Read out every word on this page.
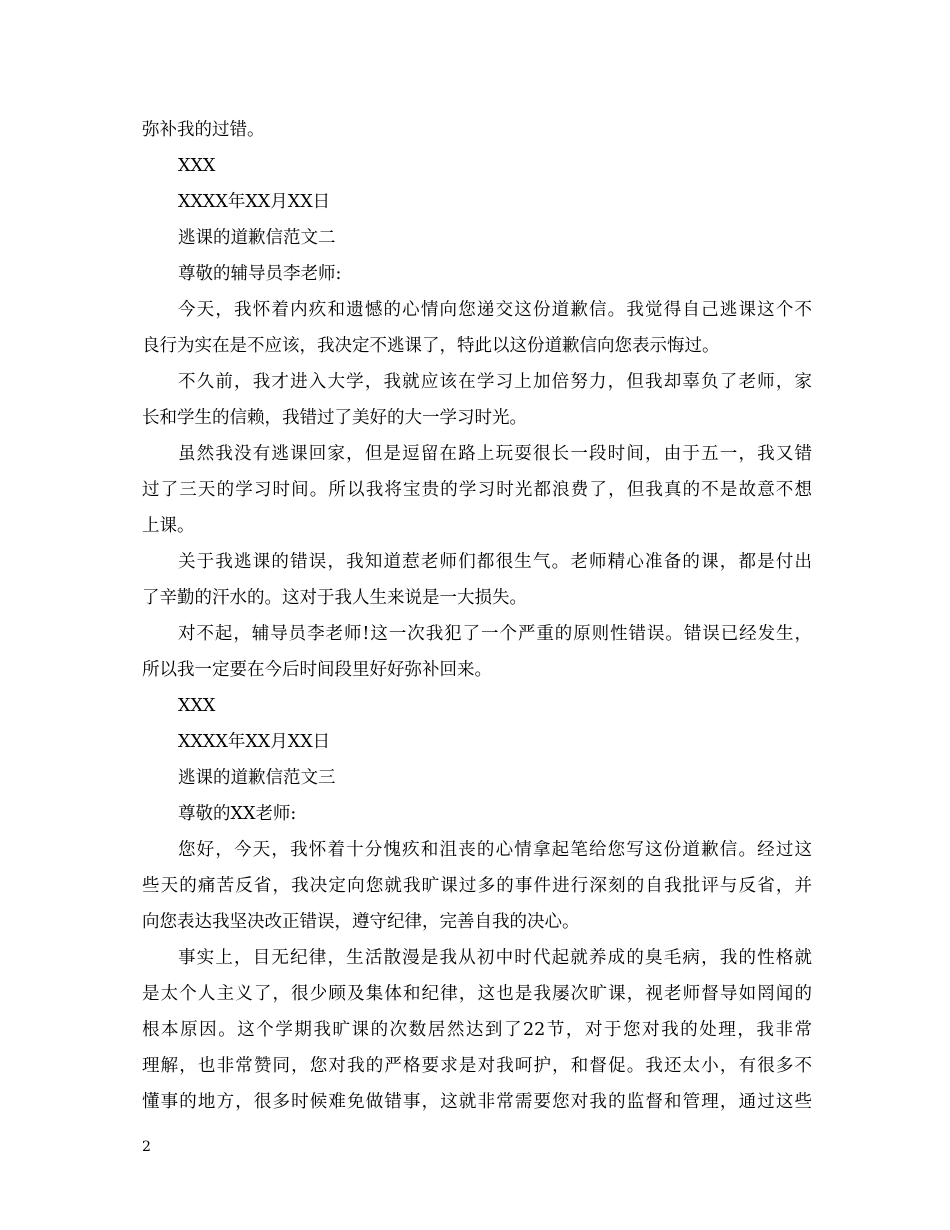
弥补我的过错。
XXX
XXXX年XX月XX日
逃课的道歉信范文二
尊敬的辅导员李老师:
今天，我怀着内疚和遗憾的心情向您递交这份道歉信。我觉得自己逃课这个不
良行为实在是不应该，我决定不逃课了，特此以这份道歉信向您表示悔过。
不久前，我才进入大学，我就应该在学习上加倍努力，但我却辜负了老师，家
长和学生的信赖，我错过了美好的大一学习时光。
虽然我没有逃课回家，但是逗留在路上玩耍很长一段时间，由于五一，我又错
过了三天的学习时间。所以我将宝贵的学习时光都浪费了，但我真的不是故意不想
上课。
关于我逃课的错误，我知道惹老师们都很生气。老师精心准备的课，都是付出
了辛勤的汗水的。这对于我人生来说是一大损失。
对不起，辅导员李老师!这一次我犯了一个严重的原则性错误。错误已经发生，
所以我一定要在今后时间段里好好弥补回来。
XXX
XXXX年XX月XX日
逃课的道歉信范文三
尊敬的XX老师:
您好，今天，我怀着十分愧疚和沮丧的心情拿起笔给您写这份道歉信。经过这
些天的痛苦反省，我决定向您就我旷课过多的事件进行深刻的自我批评与反省，并
向您表达我坚决改正错误，遵守纪律，完善自我的决心。
事实上，目无纪律，生活散漫是我从初中时代起就养成的臭毛病，我的性格就
是太个人主义了，很少顾及集体和纪律，这也是我屡次旷课，视老师督导如罔闻的
根本原因。这个学期我旷课的次数居然达到了22节，对于您对我的处理，我非常
理解，也非常赞同，您对我的严格要求是对我呵护，和督促。我还太小，有很多不
懂事的地方，很多时候难免做错事，这就非常需要您对我的监督和管理，通过这些
2
